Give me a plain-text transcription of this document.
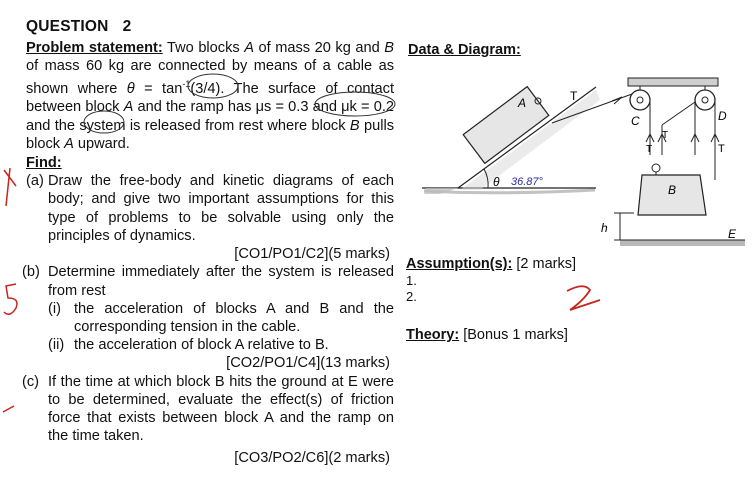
QUESTION 2
Problem statement: Two blocks A of mass 20 kg and B of mass 60 kg are connected by means of a cable as shown where $\theta = \tan^{-1}(3/4)$. The surface of contact between block A and the ramp has μs = 0.3 and μk = 0.2 and the system is released from rest where block B pulls block A upward.
Find:
(a) Draw the free-body and kinetic diagrams of each body; and give two important assumptions for this type of problems to be solvable using only the principles of dynamics.
[CO1/PO1/C2](5 marks)
(b) Determine immediately after the system is released from rest
(i) the acceleration of blocks A and B and the corresponding tension in the cable.
(ii) the acceleration of block A relative to B.
[CO2/PO1/C4](13 marks)
(c) If the time at which block B hits the ground at E were to be determined, evaluate the effect(s) of friction force that exists between block A and the ramp on the time taken.
[CO3/PO2/C6](2 marks)
Data & Diagram:
Assumption(s): [2 marks]
1.
2.
Theory: [Bonus 1 marks]
θ 36.87°
A	T
C	D
T
T
T
B
h	E
